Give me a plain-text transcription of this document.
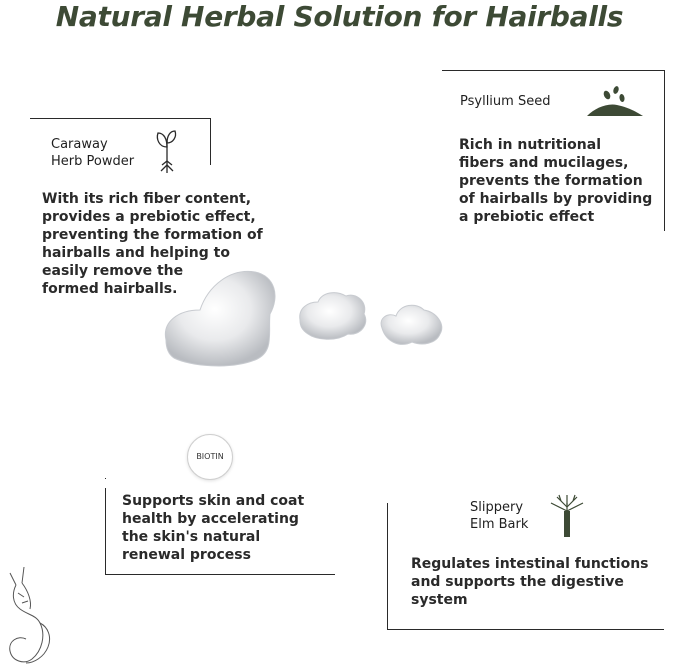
Natural Herbal Solution for Hairballs
Caraway
Herb Powder
With its rich fiber content,
provides a prebiotic effect,
preventing the formation of
hairballs and helping to
easily remove the
formed hairballs.
Psyllium Seed
Rich in nutritional
fibers and mucilages,
prevents the formation
of hairballs by providing
a prebiotic effect
BIOTIN
Supports skin and coat
health by accelerating
the skin's natural
renewal process
Slippery
Elm Bark
Regulates intestinal functions
and supports the digestive
system
